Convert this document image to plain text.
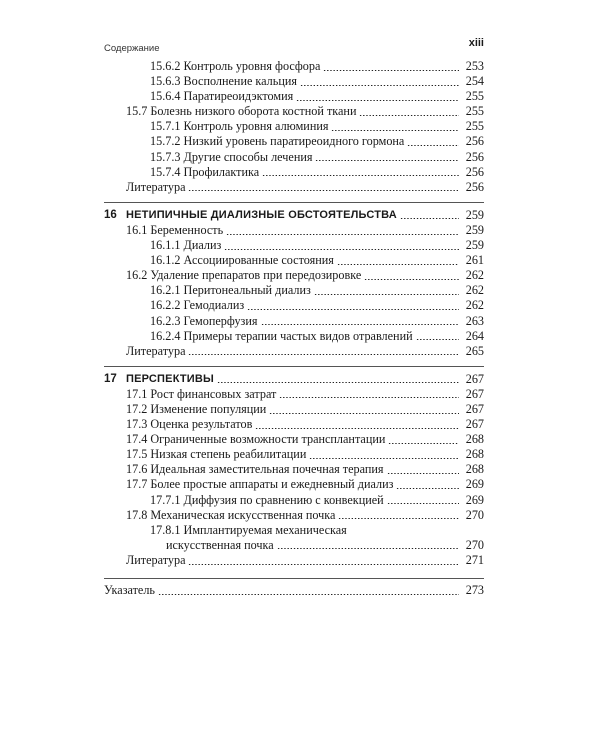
Содержание	xiii
15.6.2 Контроль уровня фосфора	253
15.6.3 Восполнение кальция	254
15.6.4 Паратиреоидэктомия	255
15.7 Болезнь низкого оборота костной ткани	255
15.7.1 Контроль уровня алюминия	255
15.7.2 Низкий уровень паратиреоидного гормона	256
15.7.3 Другие способы лечения	256
15.7.4 Профилактика	256
Литература	256
16 НЕТИПИЧНЫЕ ДИАЛИЗНЫЕ ОБСТОЯТЕЛЬСТВА	259
16.1 Беременность	259
16.1.1 Диализ	259
16.1.2 Ассоциированные состояния	261
16.2 Удаление препаратов при передозировке	262
16.2.1 Перитонеальный диализ	262
16.2.2 Гемодиализ	262
16.2.3 Гемоперфузия	263
16.2.4 Примеры терапии частых видов отравлений	264
Литература	265
17 ПЕРСПЕКТИВЫ	267
17.1 Рост финансовых затрат	267
17.2 Изменение популяции	267
17.3 Оценка результатов	267
17.4 Ограниченные возможности трансплантации	268
17.5 Низкая степень реабилитации	268
17.6 Идеальная заместительная почечная терапия	268
17.7 Более простые аппараты и ежедневный диализ	269
17.7.1 Диффузия по сравнению с конвекцией	269
17.8 Механическая искусственная почка	270
17.8.1 Имплантируемая механическая
искусственная почка	270
Литература	271
Указатель	273
